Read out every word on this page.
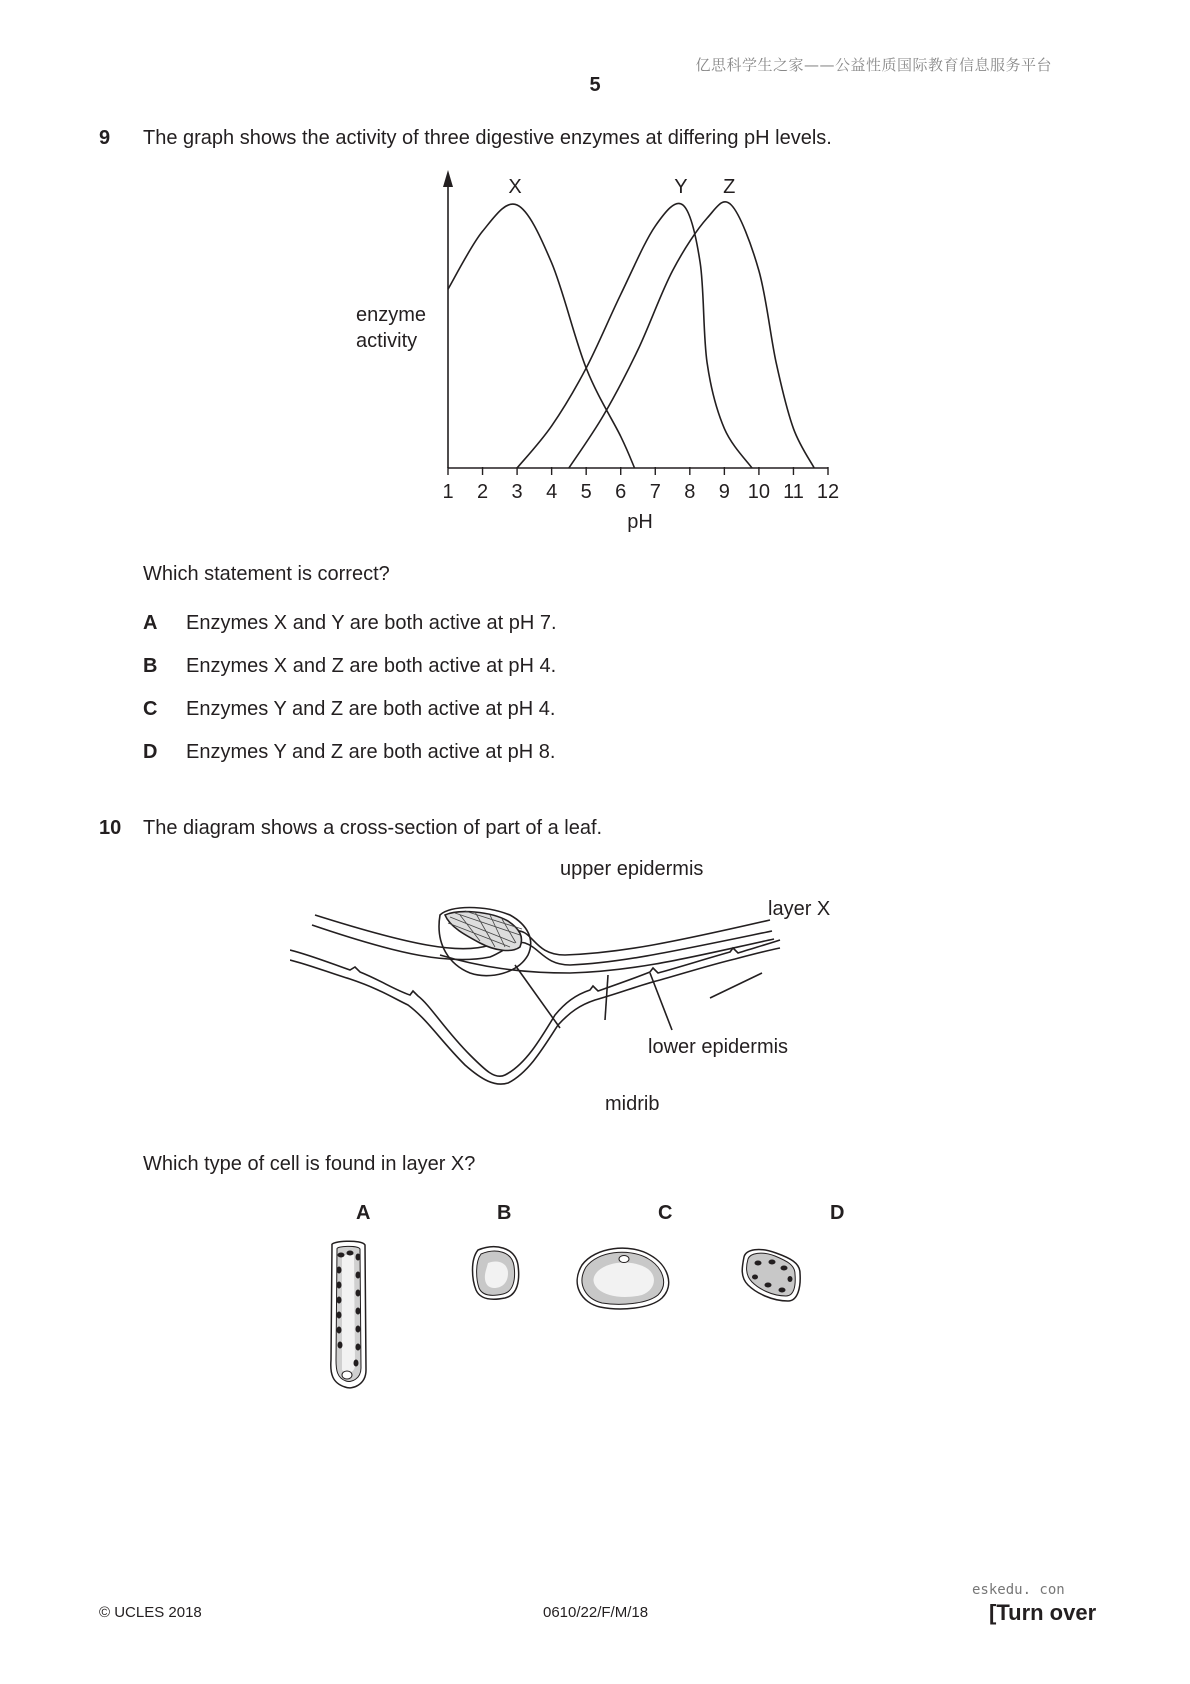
亿思科学生之家——公益性质国际教育信息服务平台
5
9 The graph shows the activity of three digestive enzymes at differing pH levels.
1 2 3 4 5 6 7 8 9 10 11 12
X	Y Z
enzyme
activity
pH
Which statement is correct?
A Enzymes X and Y are both active at pH 7.
B Enzymes X and Z are both active at pH 4.
C Enzymes Y and Z are both active at pH 4.
D Enzymes Y and Z are both active at pH 8.
10 The diagram shows a cross-section of part of a leaf.
upper epidermis
layer X
lower epidermis
midrib
Which type of cell is found in layer X?
A	B	C	D
eskedu. con
© UCLES 2018	0610/22/F/M/18	[Turn over
